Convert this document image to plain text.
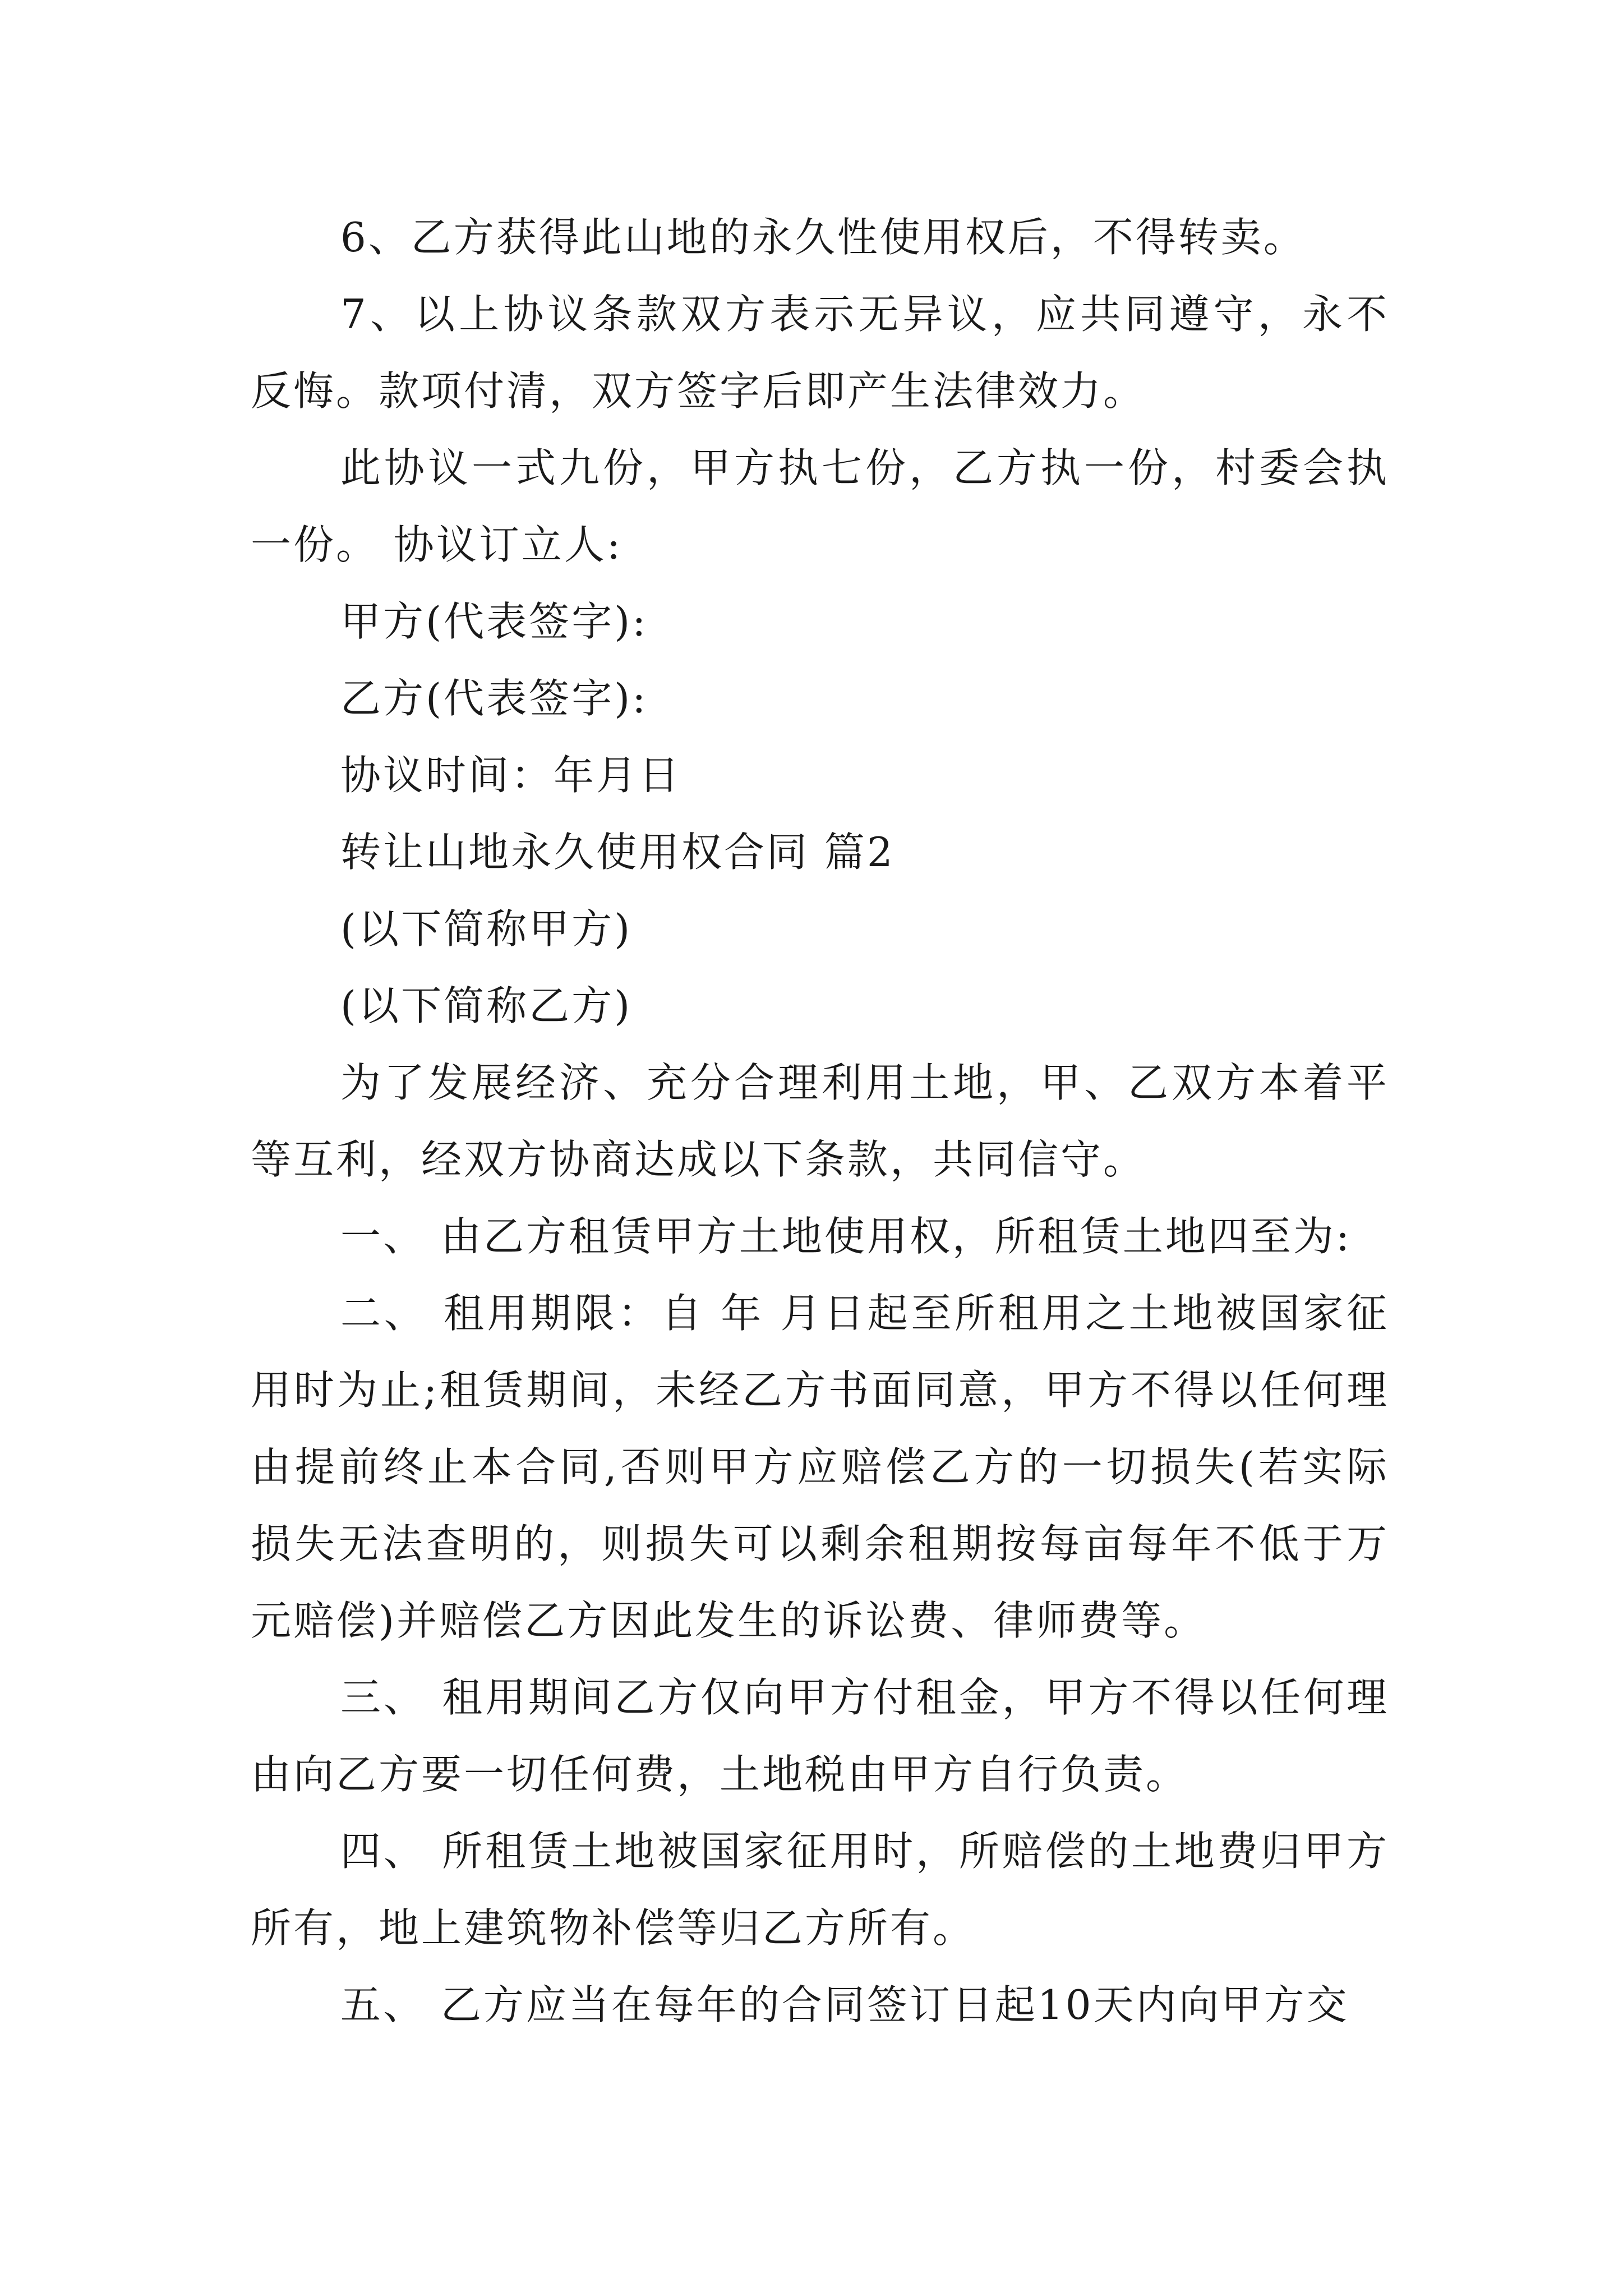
6、乙方获得此山地的永久性使用权后，不得转卖。

7、以上协议条款双方表示无异议，应共同遵守，永不反悔。款项付清，双方签字后即产生法律效力。

此协议一式九份，甲方执七份，乙方执一份，村委会执一份。 协议订立人:

甲方(代表签字):

乙方(代表签字):

协议时间：年月日

转让山地永久使用权合同 篇2

(以下简称甲方)

(以下简称乙方)

为了发展经济、充分合理利用土地，甲、乙双方本着平等互利，经双方协商达成以下条款，共同信守。

一、 由乙方租赁甲方土地使用权，所租赁土地四至为:

二、 租用期限：自 年 月日起至所租用之土地被国家征用时为止;租赁期间，未经乙方书面同意，甲方不得以任何理由提前终止本合同,否则甲方应赔偿乙方的一切损失(若实际损失无法查明的，则损失可以剩余租期按每亩每年不低于万元赔偿)并赔偿乙方因此发生的诉讼费、律师费等。

三、 租用期间乙方仅向甲方付租金，甲方不得以任何理由向乙方要一切任何费，土地税由甲方自行负责。

四、 所租赁土地被国家征用时，所赔偿的土地费归甲方所有，地上建筑物补偿等归乙方所有。

五、 乙方应当在每年的合同签订日起10天内向甲方交
